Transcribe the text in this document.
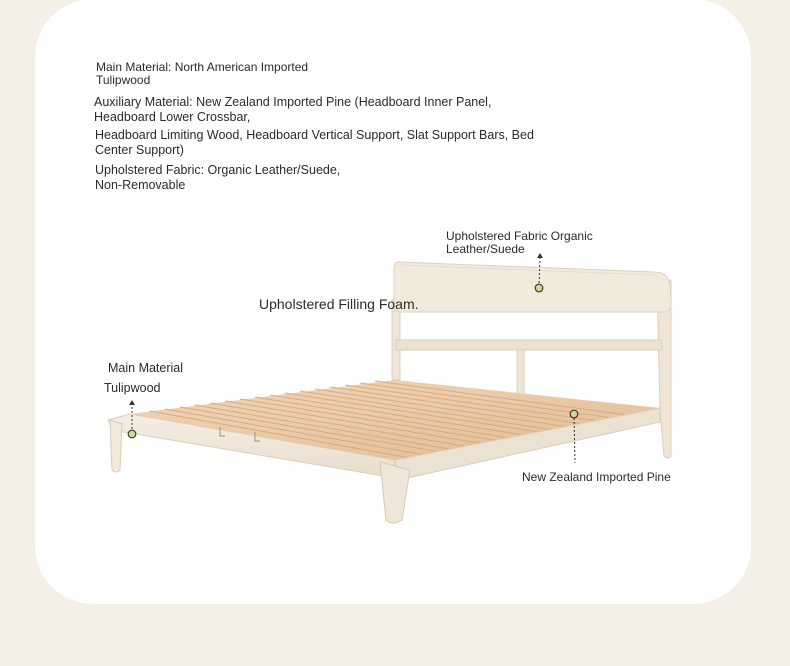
Main Material: North American Imported
Tulipwood
Auxiliary Material: New Zealand Imported Pine (Headboard Inner Panel,
Headboard Lower Crossbar,
Headboard Limiting Wood, Headboard Vertical Support, Slat Support Bars, Bed
Center Support)
Upholstered Fabric: Organic Leather/Suede,
Non-Removable
Upholstered Fabric Organic
Leather/Suede
Upholstered Filling Foam.
Main Material
Tulipwood
New Zealand Imported Pine
